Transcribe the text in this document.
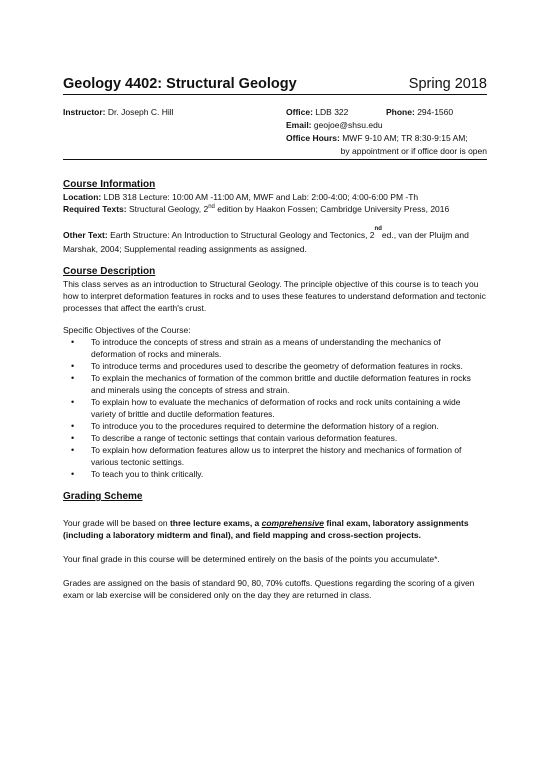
Geology 4402: Structural Geology	Spring 2018
Instructor: Dr. Joseph C. Hill	Office: LDB 322	Phone: 294-1560
Email: geojoe@shsu.edu
Office Hours: MWF 9-10 AM; TR 8:30-9:15 AM;
by appointment or if office door is open
Course Information

Location: LDB 318 Lecture: 10:00 AM -11:00 AM, MWF and Lab: 2:00-4:00; 4:00-6:00 PM -Th

Required Texts: Structural Geology, 2nd edition by Haakon Fossen; Cambridge University Press, 2016

Other Text: Earth Structure: An Introduction to Structural Geology and Tectonics, 2nded., van der Pluijm and Marshak, 2004; Supplemental reading assignments as assigned.

Course Description

This class serves as an introduction to Structural Geology. The principle objective of this course is to teach you how to interpret deformation features in rocks and to uses these features to understand deformation and tectonic processes that affect the earth's crust.

Specific Objectives of the Course:

• To introduce the concepts of stress and strain as a means of understanding the mechanics of deformation of rocks and minerals.
• To introduce terms and procedures used to describe the geometry of deformation features in rocks.
• To explain the mechanics of formation of the common brittle and ductile deformation features in rocks and minerals using the concepts of stress and strain.
• To explain how to evaluate the mechanics of deformation of rocks and rock units containing a wide variety of brittle and ductile deformation features.
• To introduce you to the procedures required to determine the deformation history of a region.
• To describe a range of tectonic settings that contain various deformation features.
• To explain how deformation features allow us to interpret the history and mechanics of formation of various tectonic settings.
• To teach you to think critically.
Grading Scheme

Your grade will be based on three lecture exams, a comprehensive final exam, laboratory assignments (including a laboratory midterm and final), and field mapping and cross-section projects.

Your final grade in this course will be determined entirely on the basis of the points you accumulate*.

Grades are assigned on the basis of standard 90, 80, 70% cutoffs. Questions regarding the scoring of a given exam or lab exercise will be considered only on the day they are returned in class.
